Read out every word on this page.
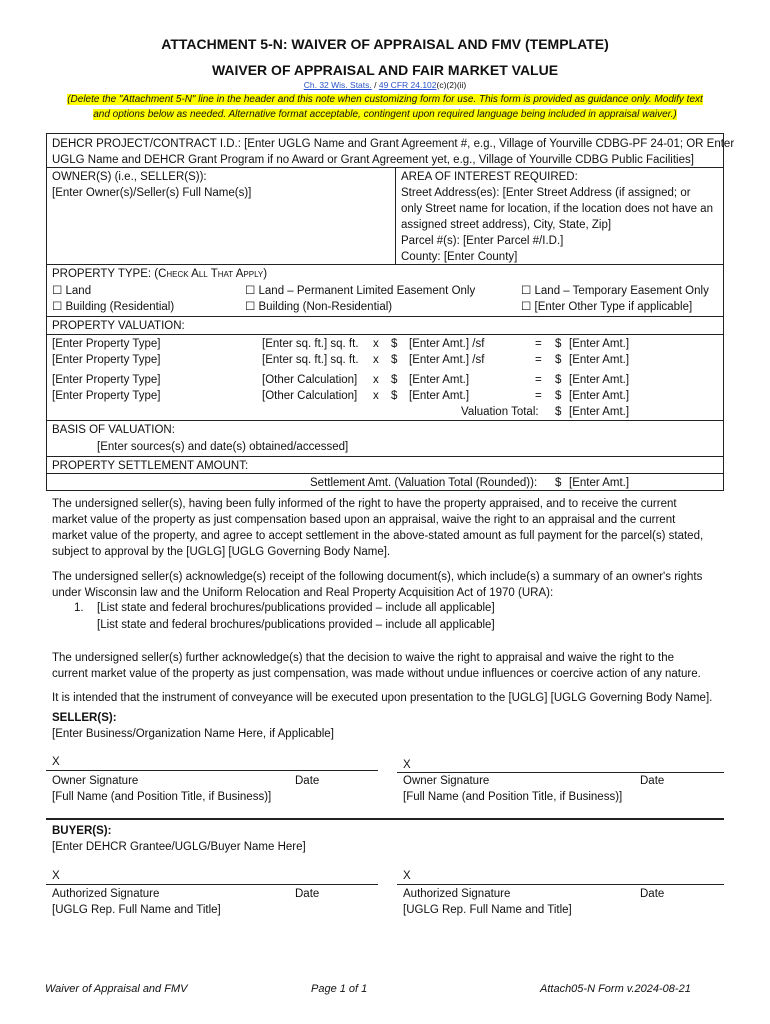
ATTACHMENT 5-N: WAIVER OF APPRAISAL AND FMV (TEMPLATE)
WAIVER OF APPRAISAL AND FAIR MARKET VALUE
Ch. 32 Wis. Stats. / 49 CFR 24.102(c)(2)(ii)
(Delete the "Attachment 5-N" line in the header and this note when customizing form for use. This form is provided as guidance only. Modify text
and options below as needed. Alternative format acceptable, contingent upon required language being included in appraisal waiver.)
DEHCR PROJECT/CONTRACT I.D.: [Enter UGLG Name and Grant Agreement #, e.g., Village of Yourville CDBG-PF 24-01; OR Enter
UGLG Name and DEHCR Grant Program if no Award or Grant Agreement yet, e.g., Village of Yourville CDBG Public Facilities]
OWNER(S) (i.e., SELLER(S)):
[Enter Owner(s)/Seller(s) Full Name(s)]
AREA OF INTEREST REQUIRED:
Street Address(es): [Enter Street Address (if assigned; or
only Street name for location, if the location does not have an
assigned street address), City, State, Zip]
Parcel #(s): [Enter Parcel #/I.D.]
County: [Enter County]
PROPERTY TYPE: (Check All That Apply)
☐ Land	☐ Land – Permanent Limited Easement Only	☐ Land – Temporary Easement Only
☐ Building (Residential)	☐ Building (Non-Residential)	☐ [Enter Other Type if applicable]
PROPERTY VALUATION:
[Enter Property Type]	[Enter sq. ft.] sq. ft. x $ [Enter Amt.] /sf	= $ [Enter Amt.]
[Enter Property Type]	[Enter sq. ft.] sq. ft. x $ [Enter Amt.] /sf	= $ [Enter Amt.]
[Enter Property Type]	[Other Calculation] x $ [Enter Amt.]	= $ [Enter Amt.]
[Enter Property Type]	[Other Calculation] x $ [Enter Amt.]	= $ [Enter Amt.]
Valuation Total: $ [Enter Amt.]
BASIS OF VALUATION:
[Enter sources(s) and date(s) obtained/accessed]
PROPERTY SETTLEMENT AMOUNT:
Settlement Amt. (Valuation Total (Rounded)): $ [Enter Amt.]
The undersigned seller(s), having been fully informed of the right to have the property appraised, and to receive the current
market value of the property as just compensation based upon an appraisal, waive the right to an appraisal and the current
market value of the property, and agree to accept settlement in the above-stated amount as full payment for the parcel(s) stated,
subject to approval by the [UGLG] [UGLG Governing Body Name].
The undersigned seller(s) acknowledge(s) receipt of the following document(s), which include(s) a summary of an owner's rights
under Wisconsin law and the Uniform Relocation and Real Property Acquisition Act of 1970 (URA):
1. [List state and federal brochures/publications provided – include all applicable]
[List state and federal brochures/publications provided – include all applicable]
The undersigned seller(s) further acknowledge(s) that the decision to waive the right to appraisal and waive the right to the
current market value of the property as just compensation, was made without undue influences or coercive action of any nature.
It is intended that the instrument of conveyance will be executed upon presentation to the [UGLG] [UGLG Governing Body Name].
SELLER(S):
[Enter Business/Organization Name Here, if Applicable]
X
Owner Signature	Date
[Full Name (and Position Title, if Business)]
X
Owner Signature	Date
[Full Name (and Position Title, if Business)]
BUYER(S):
[Enter DEHCR Grantee/UGLG/Buyer Name Here]
X
Authorized Signature	Date
[UGLG Rep. Full Name and Title]
X
Authorized Signature	Date
[UGLG Rep. Full Name and Title]
Waiver of Appraisal and FMV	Page 1 of 1	Attach05-N Form v.2024-08-21
